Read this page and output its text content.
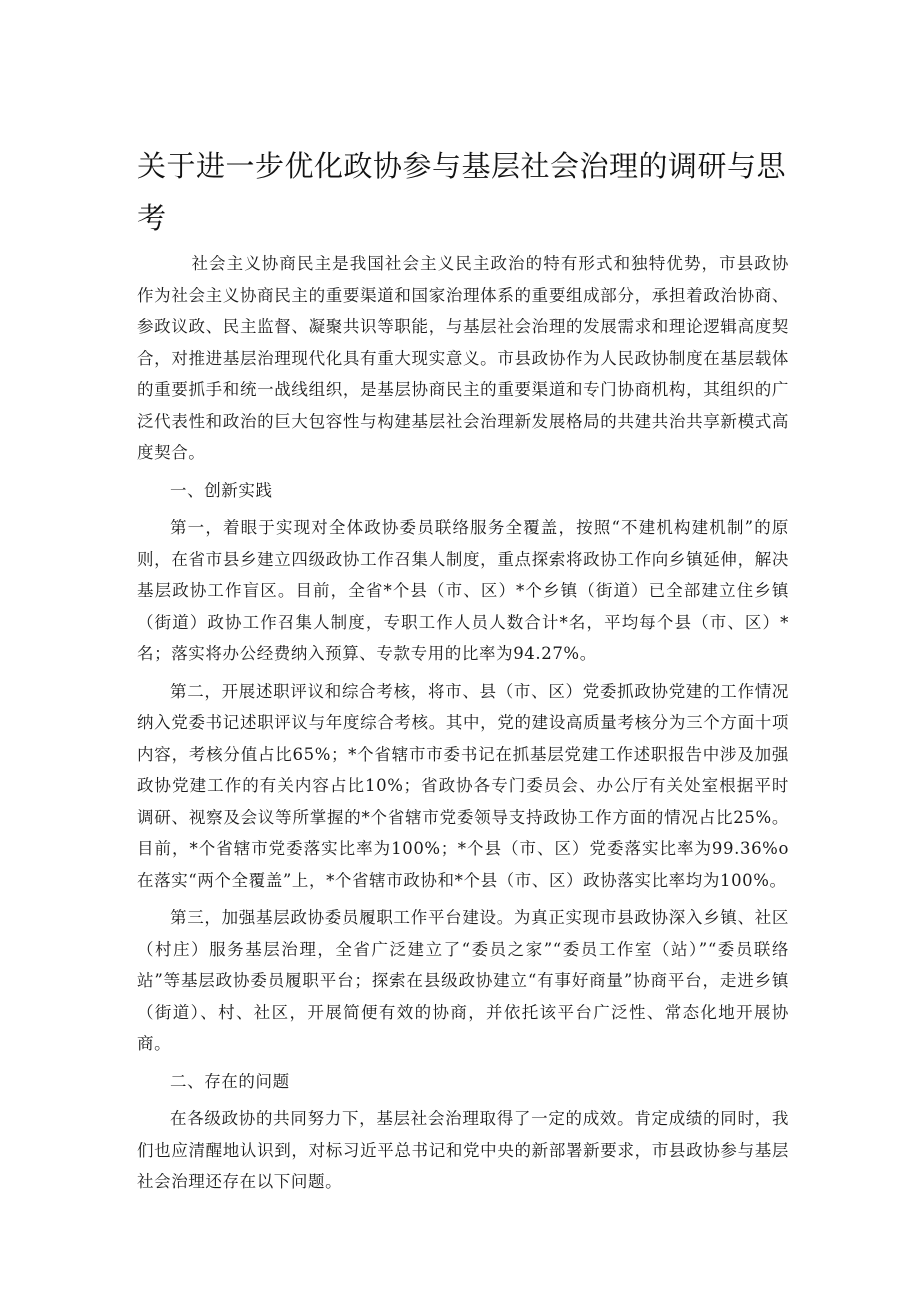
关于进一步优化政协参与基层社会治理的调研与思考

社会主义协商民主是我国社会主义民主政治的特有形式和独特优势，市县政协作为社会主义协商民主的重要渠道和国家治理体系的重要组成部分，承担着政治协商、参政议政、民主监督、凝聚共识等职能，与基层社会治理的发展需求和理论逻辑高度契合，对推进基层治理现代化具有重大现实意义。市县政协作为人民政协制度在基层载体的重要抓手和统一战线组织，是基层协商民主的重要渠道和专门协商机构，其组织的广泛代表性和政治的巨大包容性与构建基层社会治理新发展格局的共建共治共享新模式高度契合。

一、创新实践

第一，着眼于实现对全体政协委员联络服务全覆盖，按照“不建机构建机制”的原则，在省市县乡建立四级政协工作召集人制度，重点探索将政协工作向乡镇延伸，解决基层政协工作盲区。目前，全省*个县（市、区）*个乡镇（街道）已全部建立住乡镇（街道）政协工作召集人制度，专职工作人员人数合计*名，平均每个县（市、区）*名；落实将办公经费纳入预算、专款专用的比率为94.27%。

第二，开展述职评议和综合考核，将市、县（市、区）党委抓政协党建的工作情况纳入党委书记述职评议与年度综合考核。其中，党的建设高质量考核分为三个方面十项内容，考核分值占比65%；*个省辖市市委书记在抓基层党建工作述职报告中涉及加强政协党建工作的有关内容占比10%；省政协各专门委员会、办公厅有关处室根据平时调研、视察及会议等所掌握的*个省辖市党委领导支持政协工作方面的情况占比25%。目前，*个省辖市党委落实比率为100%；*个县（市、区）党委落实比率为99.36%o在落实“两个全覆盖”上，*个省辖市政协和*个县（市、区）政协落实比率均为100%。

第三，加强基层政协委员履职工作平台建设。为真正实现市县政协深入乡镇、社区（村庄）服务基层治理，全省广泛建立了“委员之家”“委员工作室（站）”“委员联络站”等基层政协委员履职平台；探索在县级政协建立“有事好商量”协商平台，走进乡镇（街道）、村、社区，开展简便有效的协商，并依托该平台广泛性、常态化地开展协商。

二、存在的问题

在各级政协的共同努力下，基层社会治理取得了一定的成效。肯定成绩的同时，我们也应清醒地认识到，对标习近平总书记和党中央的新部署新要求，市县政协参与基层社会治理还存在以下问题。
